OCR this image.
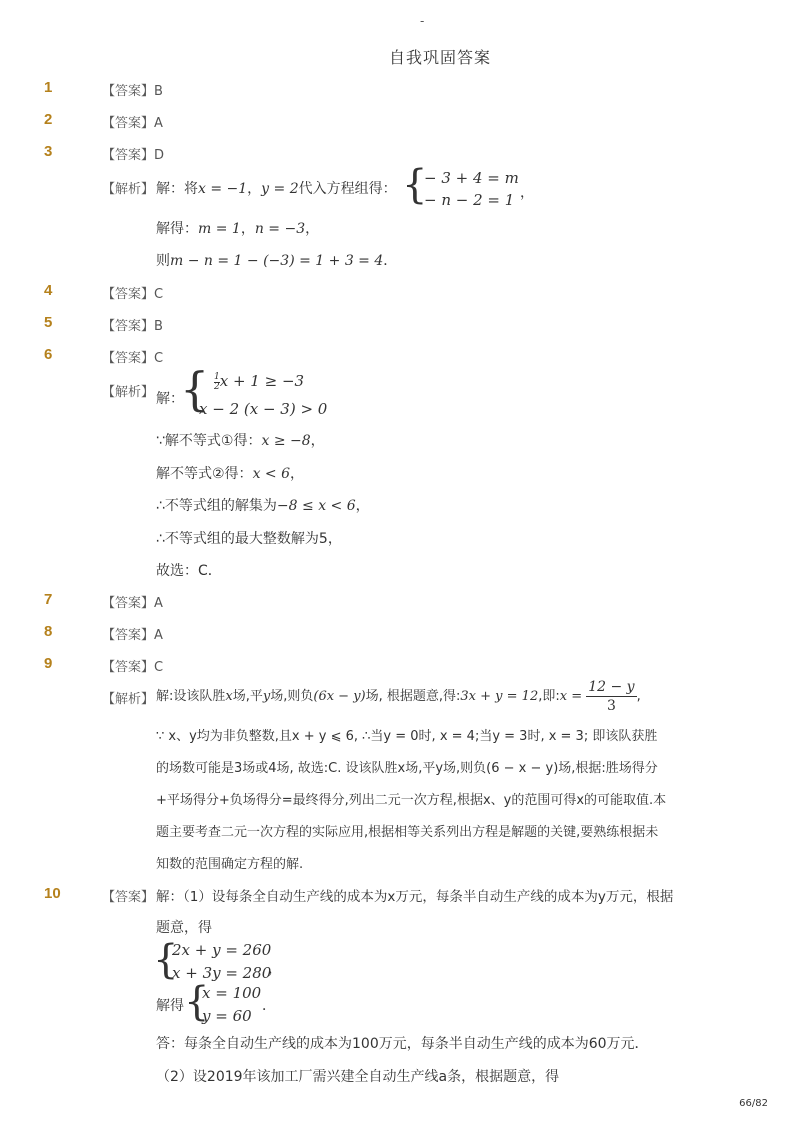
-
自我巩固答案
1	【答案】B
2	【答案】A
3	【答案】D
【解析】 解：将x = −1，y = 2代入方程组得： {
− 3 + 4 = m
− n − 2 = 1 ，
解得：m = 1，n = −3，
则m − n = 1 − (−3) = 1 + 3 = 4．
4	【答案】C
5	【答案】B
6	【答案】C
【解析】 解：
{ $\frac{1}{2}x + 1 \ge -3$
x − 2 (x − 3) > 0
∵解不等式①得：x ≥ −8，
解不等式②得：x < 6，
∴不等式组的解集为−8 ≤ x < 6，
∴不等式组的最大整数解为5，
故选：C．
7	【答案】A
8	【答案】A
9	【答案】C
【解析】 解:设该队胜x场,平y场,则负(6x − y)场, 根据题意,得:3x + y = 12,即:x = $\frac{12 - y}{3}$ ,
∵ x、y均为非负整数,且x + y ⩽ 6, ∴当y = 0时, x = 4;当y = 3时, x = 3; 即该队获胜
的场数可能是3场或4场, 故选:C. 设该队胜x场,平y场,则负(6 − x − y)场,根据:胜场得分
+平场得分+负场得分=最终得分,列出二元一次方程,根据x、y的范围可得x的可能取值.本
题主要考查二元一次方程的实际应用,根据相等关系列出方程是解题的关键,要熟练根据未
知数的范围确定方程的解.
10	【答案】 解：（1）设每条全自动生产线的成本为x万元，每条半自动生产线的成本为y万元，根据
题意，得
{
2x + y = 260
x + 3y = 280
，
解得 {
x = 100
y = 60
．
答：每条全自动生产线的成本为100万元，每条半自动生产线的成本为60万元．
（2）设2019年该加工厂需兴建全自动生产线a条，根据题意，得
66/82
